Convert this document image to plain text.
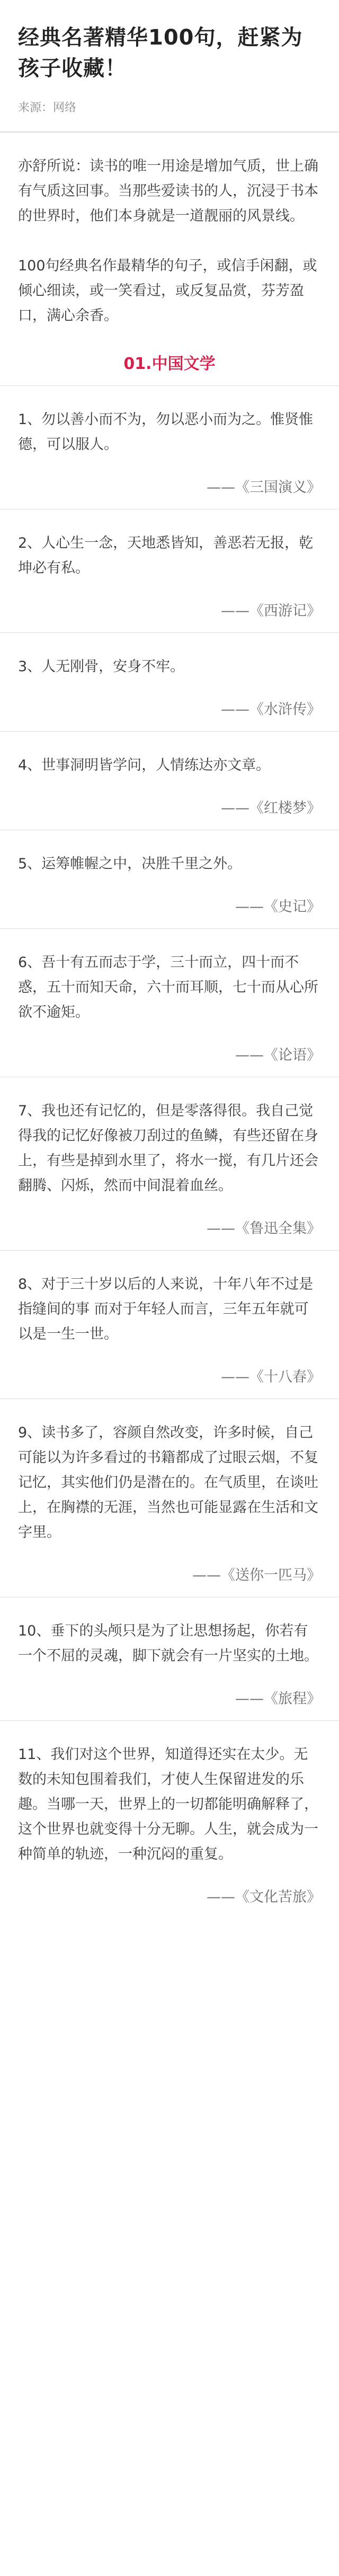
经典名著精华100句，赶紧为孩子收藏！
来源：网络

亦舒所说：读书的唯一用途是增加气质，世上确有气质这回事。当那些爱读书的人，沉浸于书本的世界时，他们本身就是一道靓丽的风景线。

100句经典名作最精华的句子，或信手闲翻，或倾心细读，或一笑看过，或反复品赏，芬芳盈口，满心余香。

01.中国文学

1、勿以善小而不为，勿以恶小而为之。惟贤惟德，可以服人。

——《三国演义》

2、人心生一念，天地悉皆知，善恶若无报，乾坤必有私。

——《西游记》

3、人无刚骨，安身不牢。

——《水浒传》

4、世事洞明皆学问，人情练达亦文章。

——《红楼梦》

5、运筹帷幄之中，决胜千里之外。

——《史记》

6、吾十有五而志于学，三十而立，四十而不惑，五十而知天命，六十而耳顺，七十而从心所欲不逾矩。

——《论语》

7、我也还有记忆的，但是零落得很。我自己觉得我的记忆好像被刀刮过的鱼鳞，有些还留在身上，有些是掉到水里了，将水一搅，有几片还会翻腾、闪烁，然而中间混着血丝。

——《鲁迅全集》

8、对于三十岁以后的人来说，十年八年不过是指缝间的事 而对于年轻人而言，三年五年就可以是一生一世。

——《十八春》

9、读书多了，容颜自然改变，许多时候，自己可能以为许多看过的书籍都成了过眼云烟，不复记忆，其实他们仍是潜在的。在气质里，在谈吐上，在胸襟的无涯，当然也可能显露在生活和文字里。

——《送你一匹马》

10、垂下的头颅只是为了让思想扬起，你若有一个不屈的灵魂，脚下就会有一片坚实的土地。

——《旅程》

11、我们对这个世界，知道得还实在太少。无数的未知包围着我们，才使人生保留进发的乐趣。当哪一天，世界上的一切都能明确解释了，这个世界也就变得十分无聊。人生，就会成为一种简单的轨迹，一种沉闷的重复。

——《文化苦旅》
